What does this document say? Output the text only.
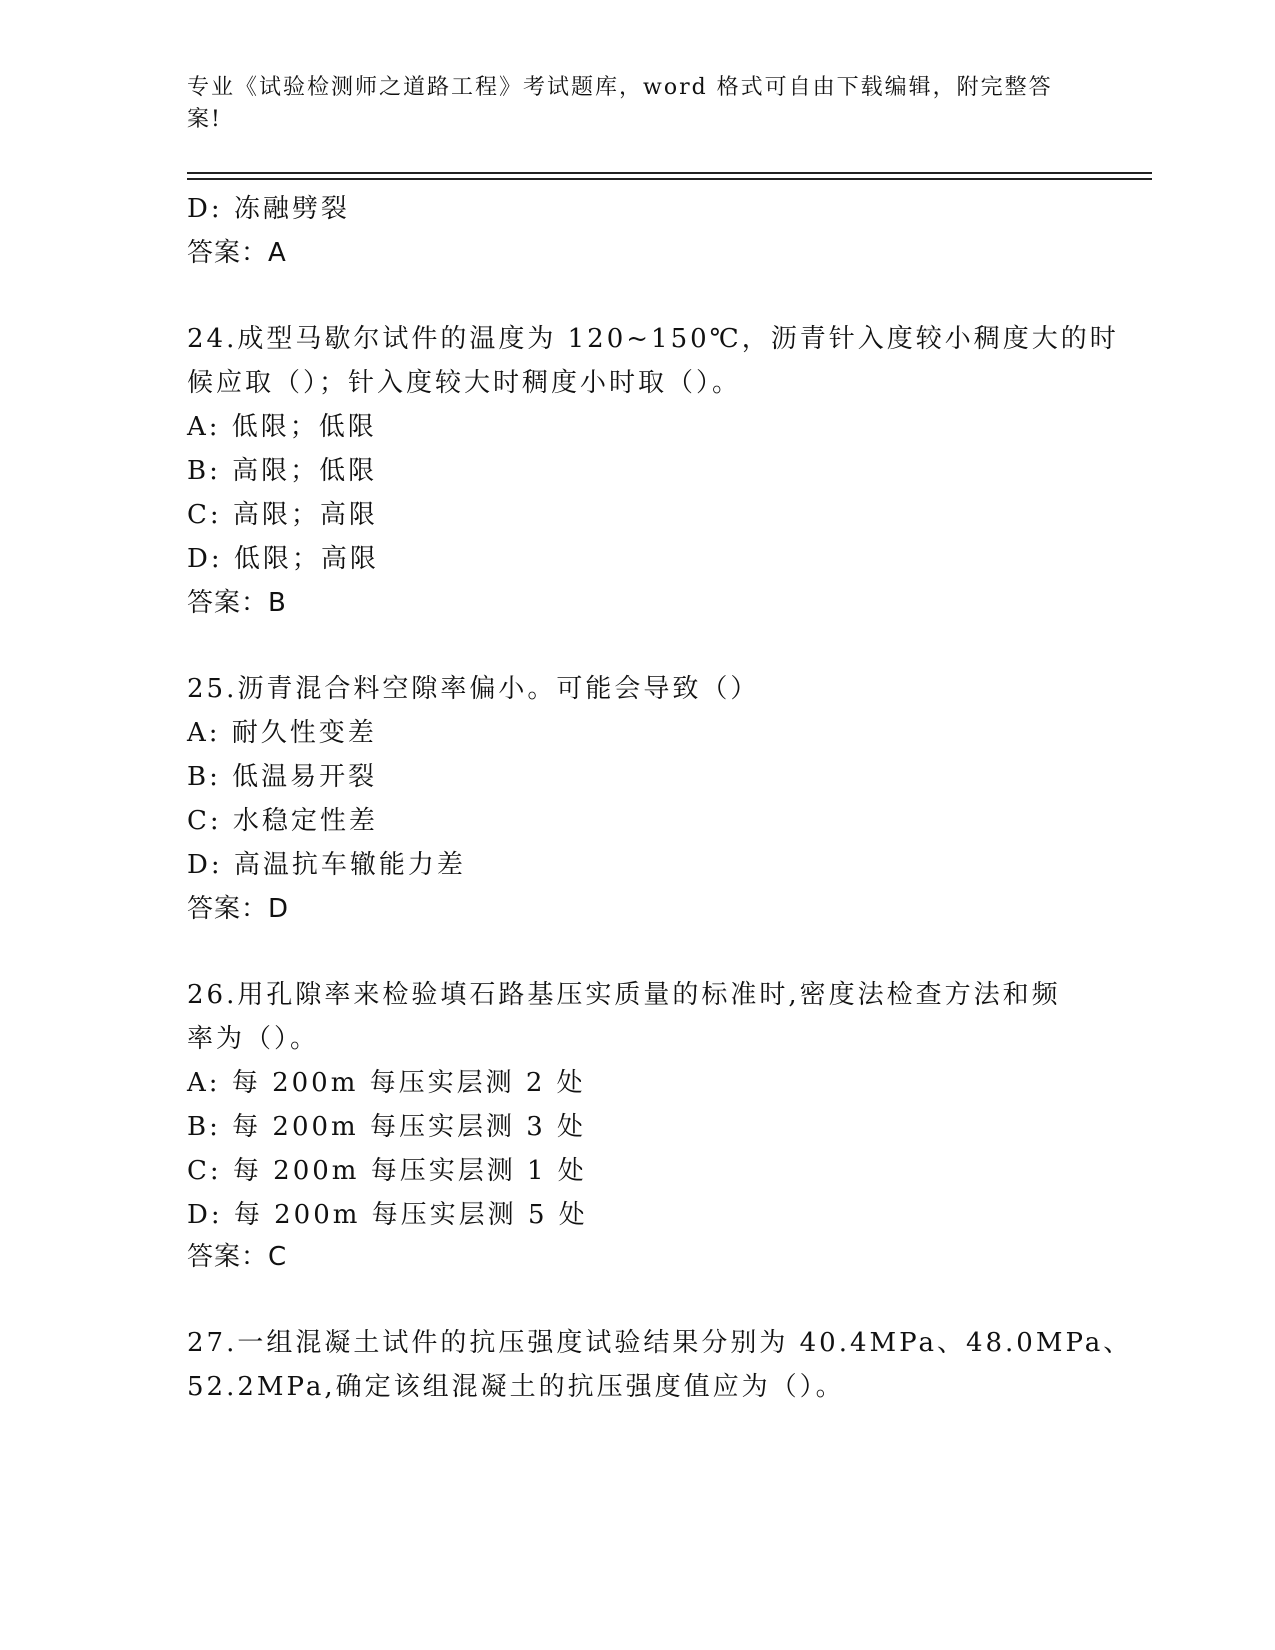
专业《试验检测师之道路工程》考试题库，word 格式可自由下载编辑，附完整答
案!
D: 冻融劈裂
答案：A
24.成型马歇尔试件的温度为 120~150℃，沥青针入度较小稠度大的时
候应取（）；针入度较大时稠度小时取（）。
A: 低限；低限
B: 高限；低限
C: 高限；高限
D: 低限；高限
答案：B
25.沥青混合料空隙率偏小。可能会导致（）
A: 耐久性变差
B: 低温易开裂
C: 水稳定性差
D: 高温抗车辙能力差
答案：D
26.用孔隙率来检验填石路基压实质量的标准时,密度法检查方法和频
率为（）。
A: 每 200m 每压实层测 2 处
B: 每 200m 每压实层测 3 处
C: 每 200m 每压实层测 1 处
D: 每 200m 每压实层测 5 处
答案：C
27.一组混凝土试件的抗压强度试验结果分别为 40.4MPa、48.0MPa、
52.2MPa,确定该组混凝土的抗压强度值应为（）。
